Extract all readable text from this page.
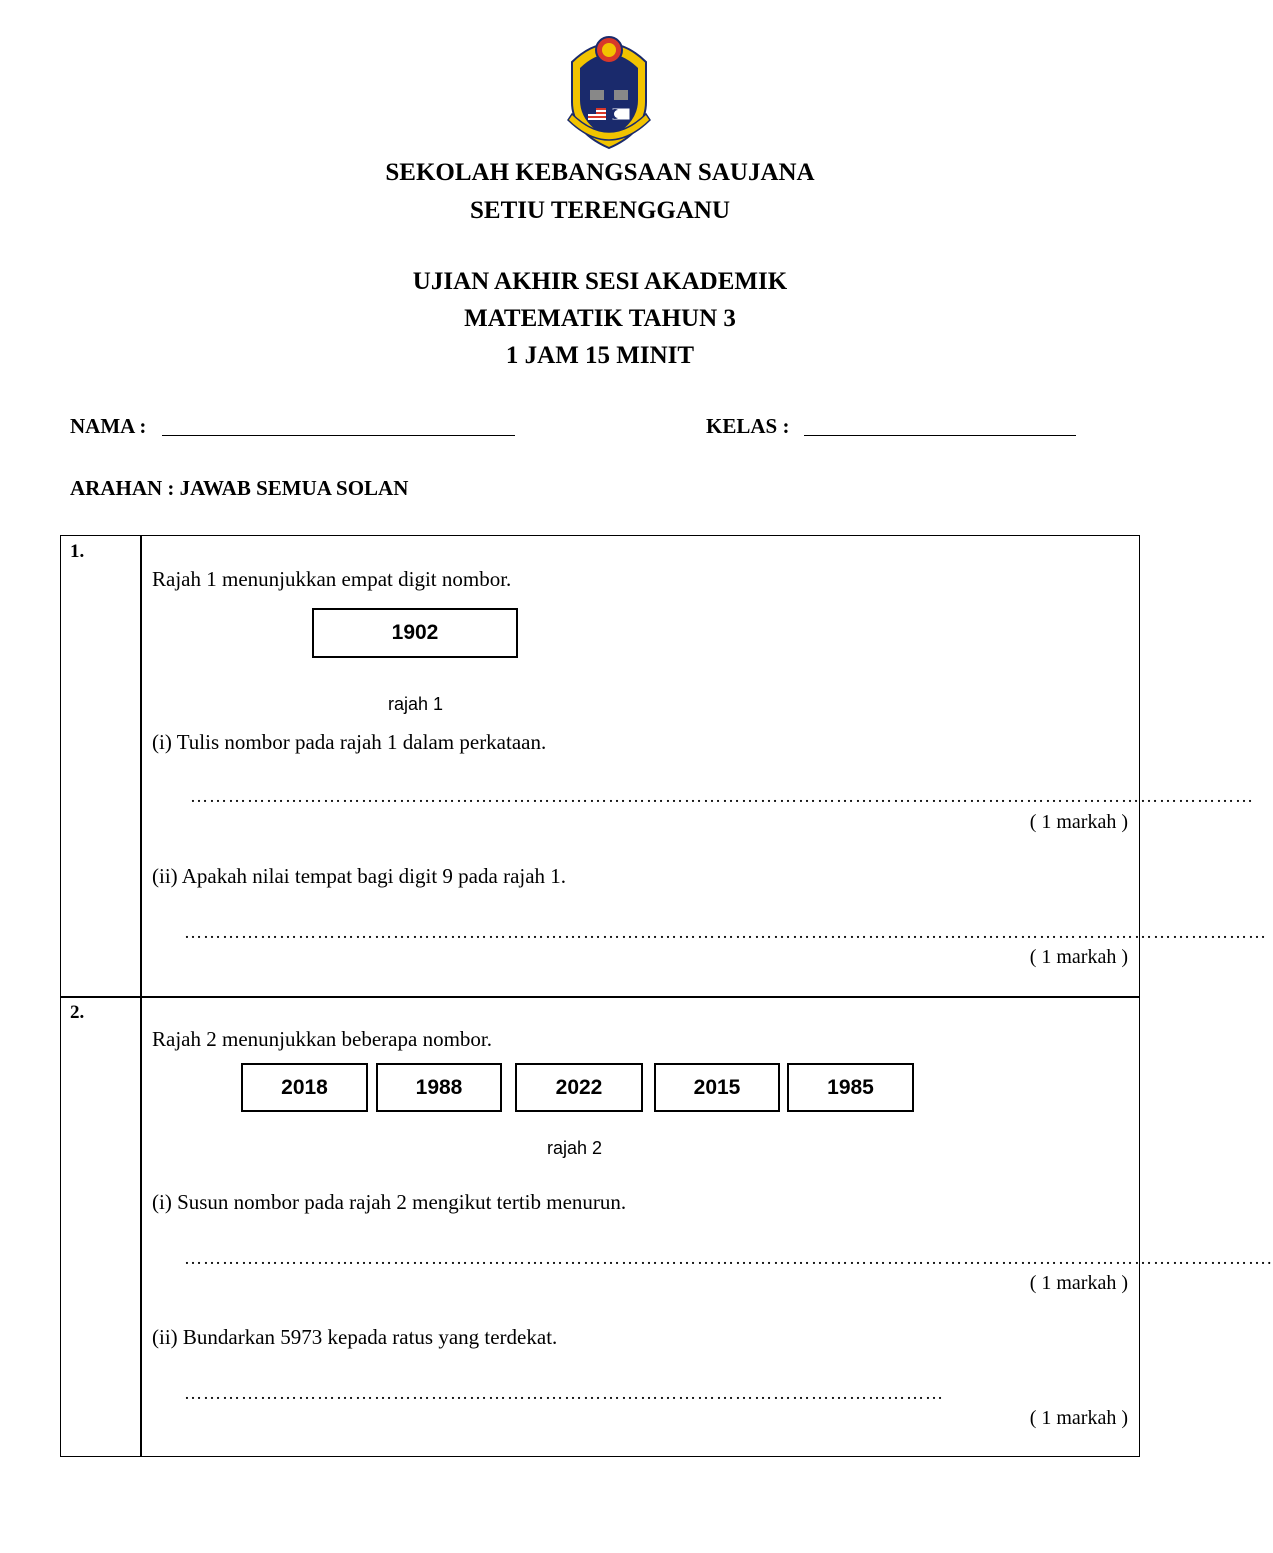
SEKOLAH KEBANGSAAN SAUJANA
SETIU TERENGGANU
UJIAN AKHIR SESI AKADEMIK
MATEMATIK TAHUN 3
1 JAM 15 MINIT
NAMA :	KELAS :
ARAHAN : JAWAB SEMUA SOLAN
1.
Rajah 1 menunjukkan empat digit nombor.
1902
rajah 1
(i) Tulis nombor pada rajah 1 dalam perkataan.
……………………………………………………………………………………………………………………………………………………
( 1 markah )
(ii) Apakah nilai tempat bagi digit 9 pada rajah 1.
………………………………………………………………………………………………………………………………………………………
( 1 markah )
2.
Rajah 2 menunjukkan beberapa nombor.
2018	1988	2022	2015	1985
rajah 2
(i) Susun nombor pada rajah 2 mengikut tertib menurun.
……………………………………………………………………………………………………………………………………………………….
( 1 markah )
(ii) Bundarkan 5973 kepada ratus yang terdekat.
…………………………………………………………………………………………………………
( 1 markah )
